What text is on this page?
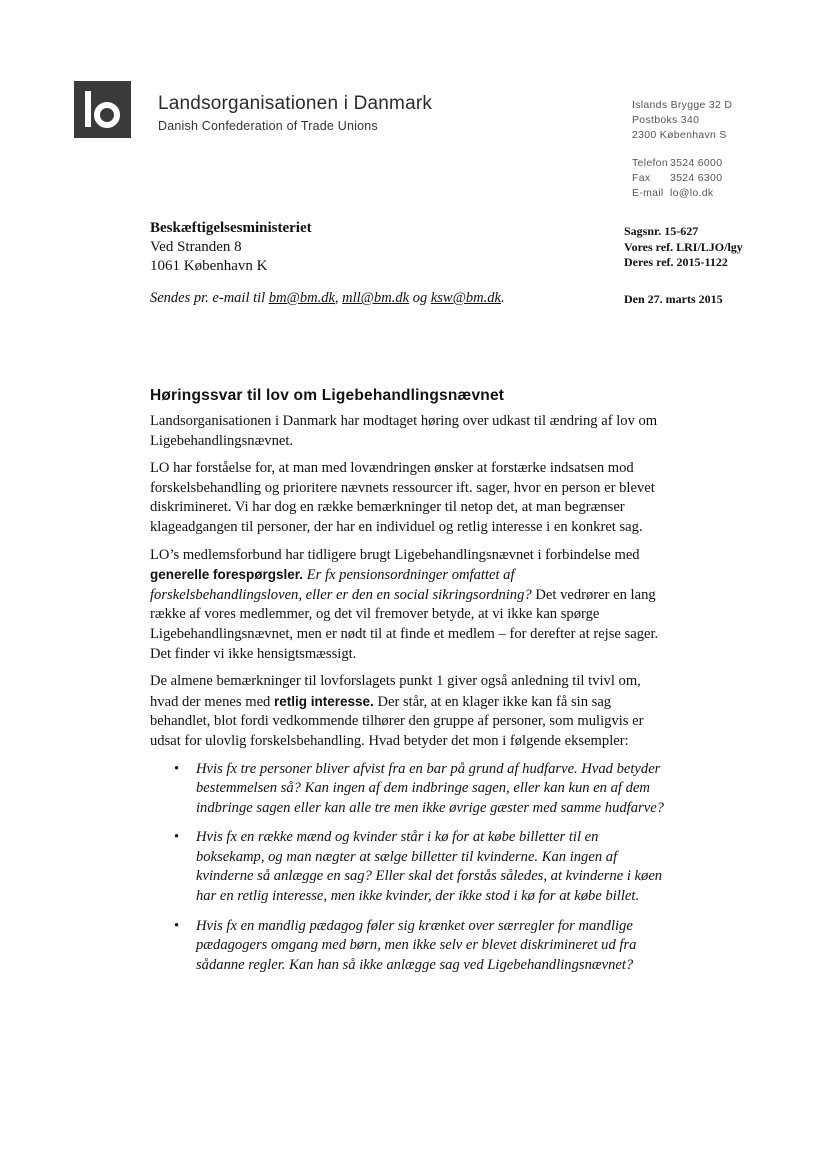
Landsorganisationen i Danmark
Danish Confederation of Trade Unions
Islands Brygge 32 D
Postboks 340
2300 København S
Telefon 3524 6000
Fax	3524 6300
E-mail lo@lo.dk
Beskæftigelsesministeriet
Ved Stranden 8
1061 København K
Sagsnr. 15-627
Vores ref. LRI/LJO/lgy
Deres ref. 2015-1122
Sendes pr. e-mail til bm@bm.dk, mll@bm.dk og ksw@bm.dk.	Den 27. marts 2015
Høringssvar til lov om Ligebehandlingsnævnet

Landsorganisationen i Danmark har modtaget høring over udkast til ændring af lov om Ligebehandlingsnævnet.

LO har forståelse for, at man med lovændringen ønsker at forstærke indsatsen mod forskelsbehandling og prioritere nævnets ressourcer ift. sager, hvor en person er blevet diskrimineret. Vi har dog en række bemærkninger til netop det, at man begrænser klageadgangen til personer, der har en individuel og retlig interesse i en konkret sag.

LO’s medlemsforbund har tidligere brugt Ligebehandlingsnævnet i forbindelse med generelle forespørgsler. Er fx pensionsordninger omfattet af forskelsbehandlingsloven, eller er den en social sikringsordning? Det vedrører en lang række af vores medlemmer, og det vil fremover betyde, at vi ikke kan spørge Ligebehandlingsnævnet, men er nødt til at finde et medlem – for derefter at rejse sager. Det finder vi ikke hensigtsmæssigt.

De almene bemærkninger til lovforslagets punkt 1 giver også anledning til tvivl om, hvad der menes med retlig interesse. Der står, at en klager ikke kan få sin sag behandlet, blot fordi vedkommende tilhører den gruppe af personer, som muligvis er udsat for ulovlig forskelsbehandling. Hvad betyder det mon i følgende eksempler:

• Hvis fx tre personer bliver afvist fra en bar på grund af hudfarve. Hvad betyder bestemmelsen så? Kan ingen af dem indbringe sagen, eller kan kun en af dem indbringe sagen eller kan alle tre men ikke øvrige gæster med samme hudfarve?
• Hvis fx en række mænd og kvinder står i kø for at købe billetter til en boksekamp, og man nægter at sælge billetter til kvinderne. Kan ingen af kvinderne så anlægge en sag? Eller skal det forstås således, at kvinderne i køen har en retlig interesse, men ikke kvinder, der ikke stod i kø for at købe billet.
• Hvis fx en mandlig pædagog føler sig krænket over særregler for mandlige pædagogers omgang med børn, men ikke selv er blevet diskrimineret ud fra sådanne regler. Kan han så ikke anlægge sag ved Ligebehandlingsnævnet?
